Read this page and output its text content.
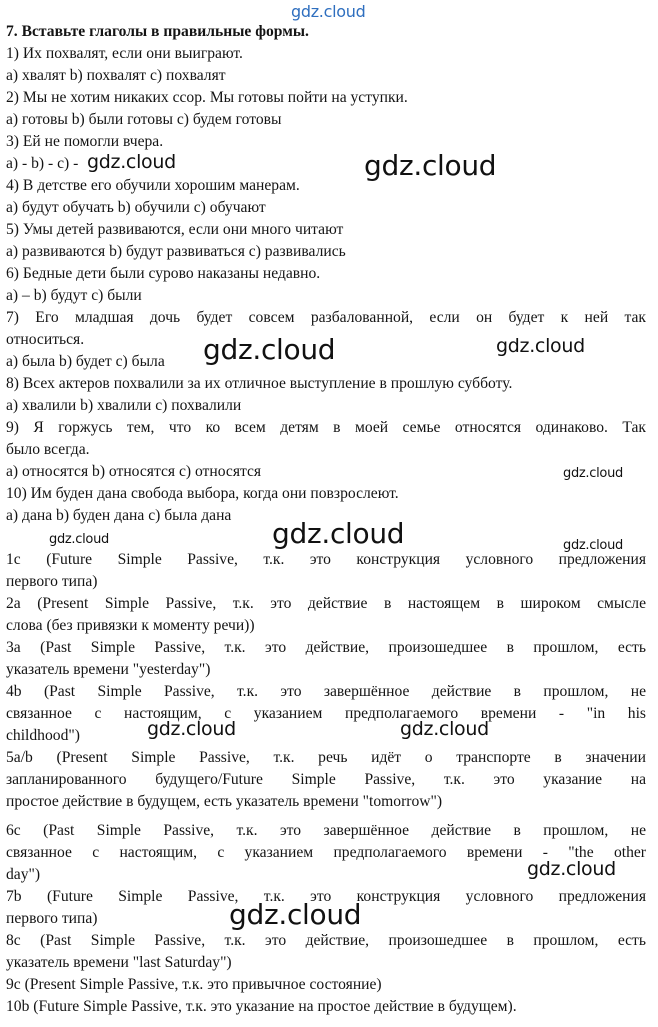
gdz.cloud
7. Вставьте глаголы в правильные формы.
1) Их похвалят, если они выиграют.
a) хвалят b) похвалят c) похвалят
2) Мы не хотим никаких ссор. Мы готовы пойти на уступки.
a) готовы b) были готовы c) будем готовы
3) Ей не помогли вчера.
a) - b) - c) -
4) В детстве его обучили хорошим манерам.
a) будут обучать b) обучили c) обучают
5) Умы детей развиваются, если они много читают
a) развиваются b) будут развиваться c) развивались
6) Бедные дети были сурово наказаны недавно.
a) – b) будут c) были
7) Его младшая дочь будет совсем разбалованной, если он будет к ней так
относиться.
a) была b) будет c) была
8) Всех актеров похвалили за их отличное выступление в прошлую субботу.
a) хвалили b) хвалили c) похвалили
9) Я горжусь тем, что ко всем детям в моей семье относятся одинаково. Так
было всегда.
a) относятся b) относятся c) относятся
10) Им буден дана свобода выбора, когда они повзрослеют.
a) дана b) буден дана c) была дана
1c (Future Simple Passive, т.к. это конструкция условного предложения
первого типа)
2a (Present Simple Passive, т.к. это действие в настоящем в широком смысле
слова (без привязки к моменту речи))
3a (Past Simple Passive, т.к. это действие, произошедшее в прошлом, есть
указатель времени "yesterday")
4b (Past Simple Passive, т.к. это завершённое действие в прошлом, не
связанное с настоящим, с указанием предполагаемого времени - "in his
childhood")
5a/b (Present Simple Passive, т.к. речь идёт о транспорте в значении
запланированного будущего/Future Simple Passive, т.к. это указание на
простое действие в будущем, есть указатель времени "tomorrow")
6c (Past Simple Passive, т.к. это завершённое действие в прошлом, не
связанное с настоящим, с указанием предполагаемого времени - "the other
day")
7b (Future Simple Passive, т.к. это конструкция условного предложения
первого типа)
8c (Past Simple Passive, т.к. это действие, произошедшее в прошлом, есть
указатель времени "last Saturday")
9c (Present Simple Passive, т.к. это привычное состояние)
10b (Future Simple Passive, т.к. это указание на простое действие в будущем).
gdz.cloud	gdz.cloud
gdz.cloud	gdz.cloud
gdz.cloud
gdz.cloud
gdz.cloud	gdz.cloud
gdz.cloud	gdz.cloud
gdz.cloud
gdz.cloud
